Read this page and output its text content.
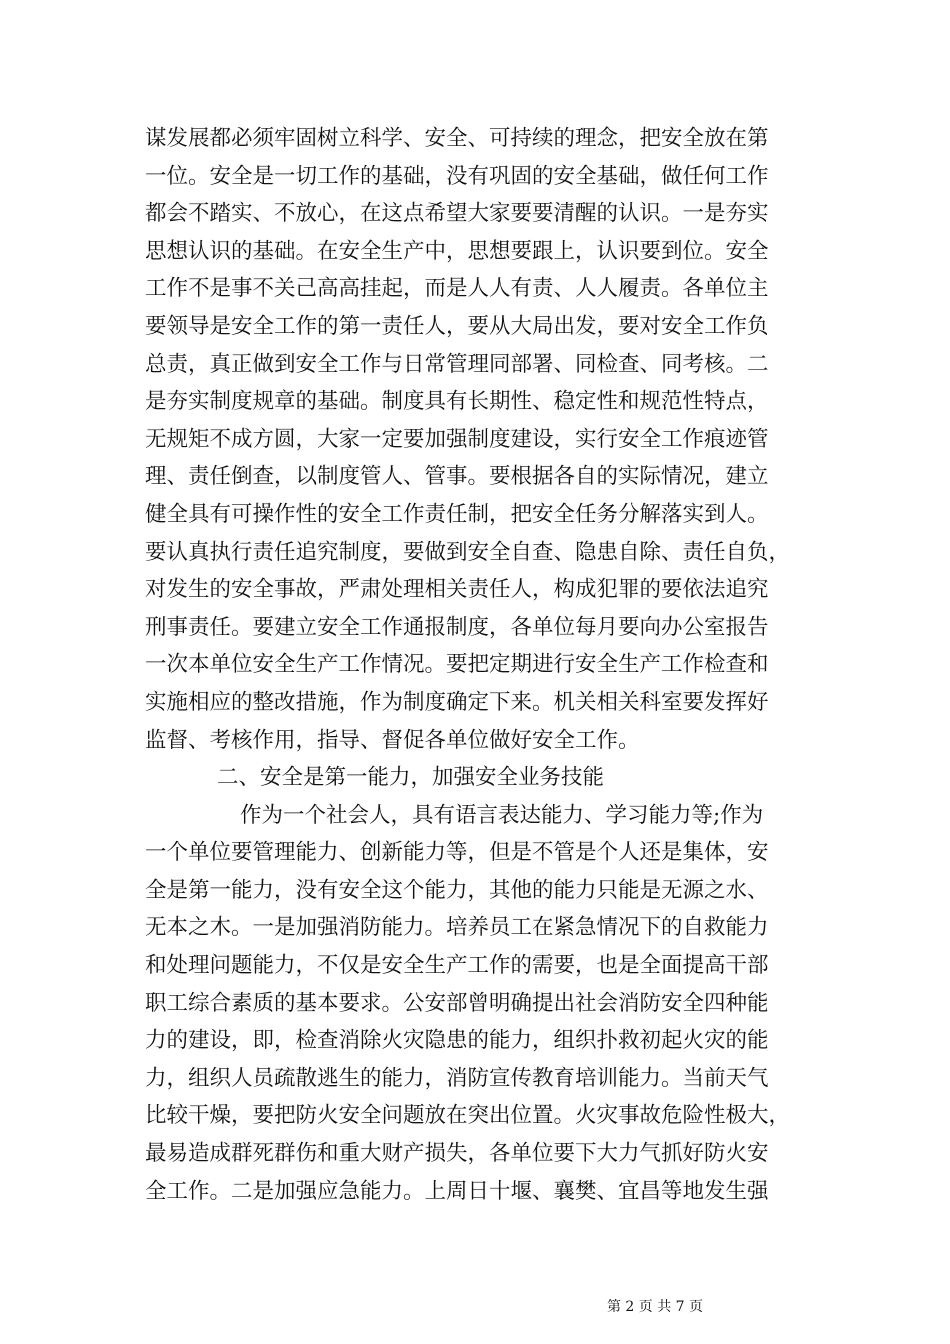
谋发展都必须牢固树立科学、安全、可持续的理念，把安全放在第
一位。安全是一切工作的基础，没有巩固的安全基础，做任何工作
都会不踏实、不放心，在这点希望大家要要清醒的认识。一是夯实
思想认识的基础。在安全生产中，思想要跟上，认识要到位。安全
工作不是事不关己高高挂起，而是人人有责、人人履责。各单位主
要领导是安全工作的第一责任人，要从大局出发，要对安全工作负
总责，真正做到安全工作与日常管理同部署、同检查、同考核。二
是夯实制度规章的基础。制度具有长期性、稳定性和规范性特点，
无规矩不成方圆，大家一定要加强制度建设，实行安全工作痕迹管
理、责任倒查，以制度管人、管事。要根据各自的实际情况，建立
健全具有可操作性的安全工作责任制，把安全任务分解落实到人。
要认真执行责任追究制度，要做到安全自查、隐患自除、责任自负，
对发生的安全事故，严肃处理相关责任人，构成犯罪的要依法追究
刑事责任。要建立安全工作通报制度，各单位每月要向办公室报告
一次本单位安全生产工作情况。要把定期进行安全生产工作检查和
实施相应的整改措施，作为制度确定下来。机关相关科室要发挥好
监督、考核作用，指导、督促各单位做好安全工作。
二、安全是第一能力，加强安全业务技能
作为一个社会人，具有语言表达能力、学习能力等;作为
一个单位要管理能力、创新能力等，但是不管是个人还是集体，安
全是第一能力，没有安全这个能力，其他的能力只能是无源之水、
无本之木。一是加强消防能力。培养员工在紧急情况下的自救能力
和处理问题能力，不仅是安全生产工作的需要，也是全面提高干部
职工综合素质的基本要求。公安部曾明确提出社会消防安全四种能
力的建设，即，检查消除火灾隐患的能力，组织扑救初起火灾的能
力，组织人员疏散逃生的能力，消防宣传教育培训能力。当前天气
比较干燥，要把防火安全问题放在突出位置。火灾事故危险性极大，
最易造成群死群伤和重大财产损失，各单位要下大力气抓好防火安
全工作。二是加强应急能力。上周日十堰、襄樊、宜昌等地发生强
第 2 页 共 7 页
